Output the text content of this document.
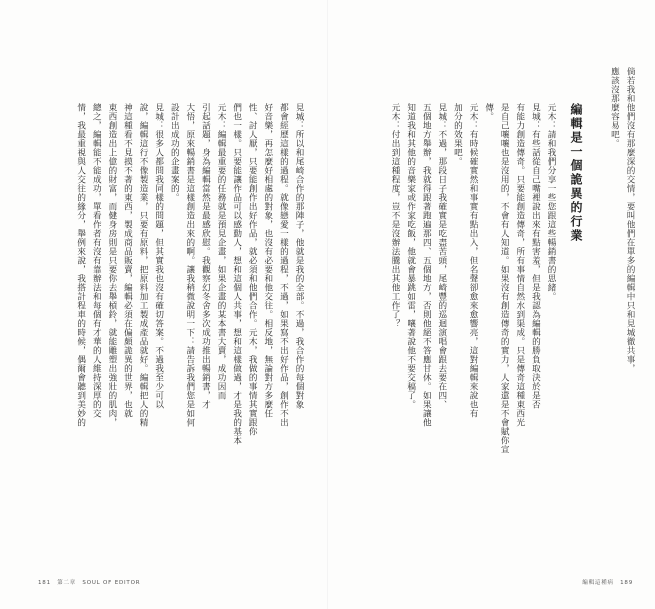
倘若我和他們沒有那麼深的交情，要叫他們在單多的編輯中只和見城徹共事，

應該沒那麼容易吧。

編輯是一個詭異的行業

元木：請和我們分享一些您跟這些暢銷書的思緒。

見城：有些話從自己嘴裡說出來有點害羞，但是我認為編輯的勝負取決於是否

有能力創造傳奇。只要能創造傳奇，所有事情自然水到渠成。只是傳奇這種東西光

是自己嚷嚷也是沒用的，不會有人知道。如果沒有創造傳奇的實力，人家還是不會賦你宣

傳。

元木：有時候確實然和事實有點出入，但名聲卻愈來愈響亮，這對編輯來說也有

加分的效果吧。

見城：不過，那段日子我確實是吃盡苦頭，尾崎豐的巡迴演唱會跟去要在四、

五個地方舉辦，我就得跟著跑遍那四、五個地方，否則他絕不答應甘休。如果讓他

知道我和其他的音樂家或作家吃飯，他就會暴跳如雷，嚷著說他不要交稿了。

元木：付出到這種程度，豈不是沒辦法騰出其他工作了？

編輯這種病　189

見城：所以和尾崎合作的那陣子，他就是我的全部。不過，我合作的每個對象

都會經歷這樣的過程。就像戀愛一樣的過程，不過，如果寫不出好作品，創作不出

好音樂，再怎麼好相處的對象，也沒有必要和他交往。相反地，無論對方多麼任

性、討人厭，只要能創作出好作品，就必須和他們合作。元木，我做的事情其實跟你

們也一樣。只要能讓作品可以感動人，想和這個人共事，想和這樣做過，才是我的基本

元木：編輯最重要的任務就是預見企畫，如果企畫的某本書大賣，成功因而

引起話題，身為編輯當然是最感欣慰。我觀察幻冬舍多次成功推出暢銷書，才

大悟，原來暢銷書是這樣創造出來的啊。讓我稍微說明一下：請告訴我們您是如何

設計出成功的企畫案的。

見城：很多人都問我同樣的問題，但其實我也沒有確切答案。不過我至少可以

說，編輯這行不像製造業，只要有原料，把原料加工製成產品就好。編輯把人的精

神這種看不見摸不著的東西，製成商品販賣，編輯必須在偏頗詭異的世界，也就

東西創造出上億的財富，而健身房則是只要你去舉槓鈴，就能雕塑出強壯的肌肉，

總之，編輯能不能成功，單看作者有沒有靠辦法和每個有才華的人維持深厚的交

情，我最重視與人交往的緣分，舉例來說，我搭計程車的時候，偶爾會聽到美妙的

181　第二章　SOUL OF EDITOR
